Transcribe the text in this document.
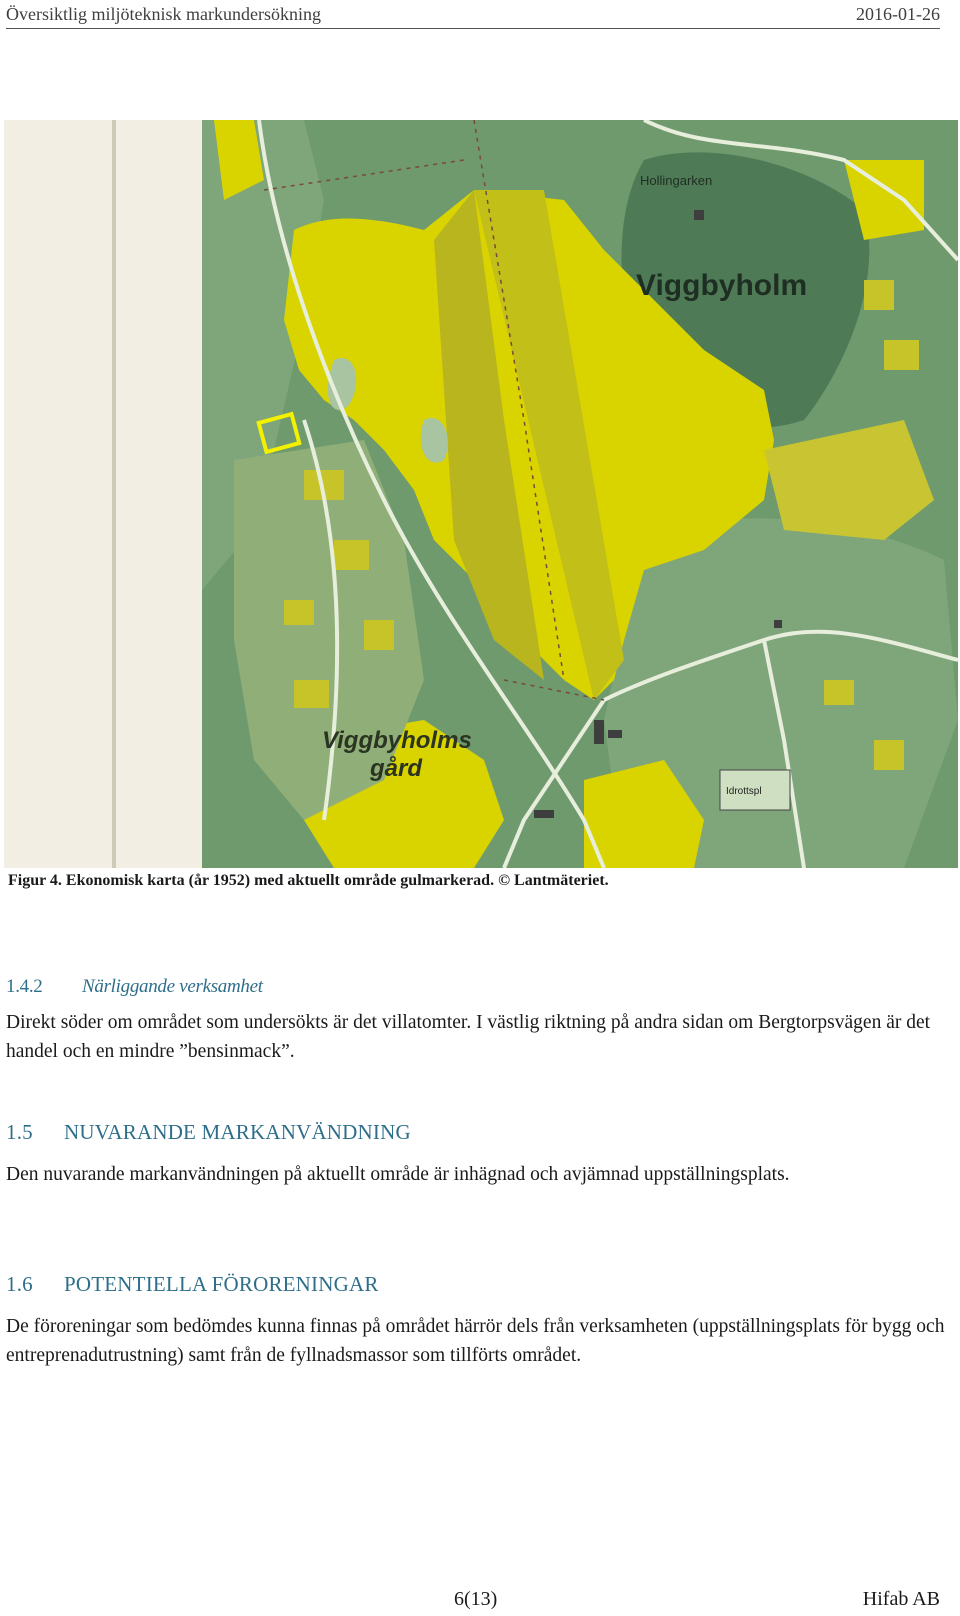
Översiktlig miljöteknisk markundersökning	2016-01-26
Hollingarken
Viggbyholm
Viggbyholms
gård
Idrottspl
Figur 4. Ekonomisk karta (år 1952) med aktuellt område gulmarkerad. © Lantmäteriet.
1.4.2 Närliggande verksamhet
Direkt söder om området som undersökts är det villatomter. I västlig riktning på andra sidan om Bergtorpsvägen är det handel och en mindre ”bensinmack”.
1.5 NUVARANDE MARKANVÄNDNING
Den nuvarande markanvändningen på aktuellt område är inhägnad och avjämnad uppställningsplats.
1.6 POTENTIELLA FÖRORENINGAR
De föroreningar som bedömdes kunna finnas på området härrör dels från verksamheten (uppställningsplats för bygg och entreprenadutrustning) samt från de fyllnadsmassor som tillförts området.
6(13)	Hifab AB
